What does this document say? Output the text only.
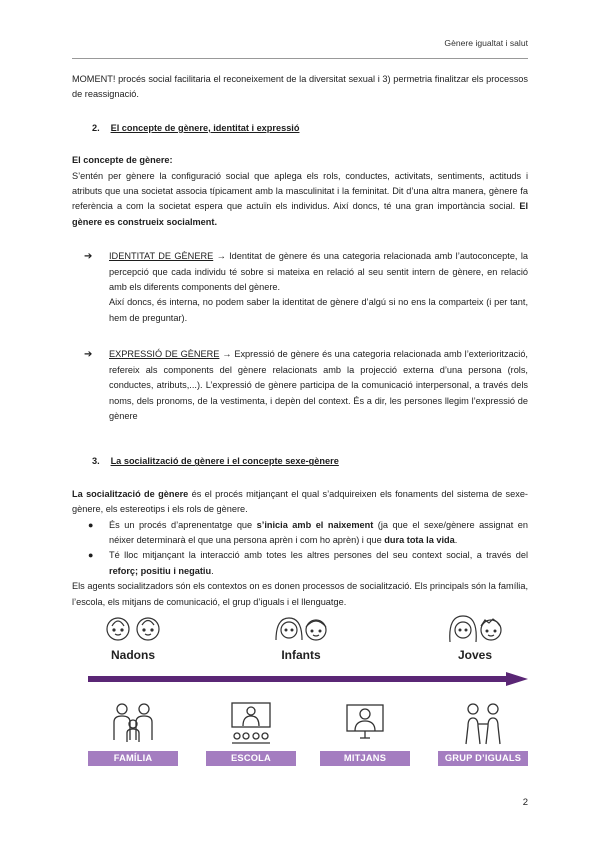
Gènere igualtat i salut

MOMENT! procés social facilitaria el reconeixement de la diversitat sexual i 3) permetria finalitzar els processos de reassignació.

2. El concepte de gènere, identitat i expressió

El concepte de gènere:

S’entén per gènere la configuració social que aplega els rols, conductes, activitats, sentiments, actituds i atributs que una societat associa típicament amb la masculinitat i la feminitat. Dit d’una altra manera, gènere fa referència a com la societat espera que actuïn els individus. Així doncs, té una gran importància social. El gènere es construeix socialment.

➔ IDENTITAT DE GÈNERE → Identitat de gènere és una categoria relacionada amb l’autoconcepte, la percepció que cada individu té sobre si mateixa en relació al seu sentit intern de gènere, en relació amb els diferents components del gènere.

Així doncs, és interna, no podem saber la identitat de gènere d’algú si no ens la comparteix (i per tant, hem de preguntar).

➔ EXPRESSIÓ DE GÈNERE → Expressió de gènere és una categoria relacionada amb l’exteriorització, refereix als components del gènere relacionats amb la projecció externa d’una persona (rols, conductes, atributs,...). L’expressió de gènere participa de la comunicació interpersonal, a través dels noms, dels pronoms, de la vestimenta, i depèn del context. És a dir, les persones llegim l’expressió de gènere
3. La socialització de gènere i el concepte sexe-gènere

La socialització de gènere és el procés mitjançant el qual s’adquireixen els fonaments del sistema de sexe-gènere, els estereotips i els rols de gènere.

● És un procés d’aprenentatge que s’inicia amb el naixement (ja que el sexe/gènere assignat en néixer determinarà el que una persona aprèn i com ho aprèn) i que dura tota la vida.
● Té lloc mitjançant la interacció amb totes les altres persones del seu context social, a través del reforç; positiu i negatiu.

Els agents socialitzadors són els contextos on es donen processos de socialització. Els principals són la família, l’escola, els mitjans de comunicació, el grup d’iguals i el llenguatge.

Nadons	Infants	Joves
FAMÍLIA	ESCOLA	MITJANS	GRUP D’IGUALS
2
